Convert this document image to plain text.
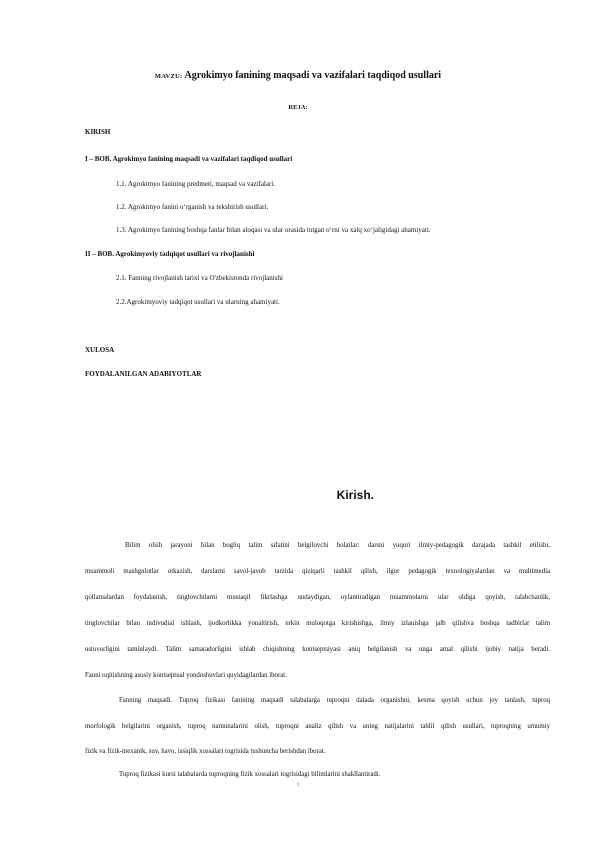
MAVZU: Agrokimyo fanining maqsadi va vazifalari taqdiqod usullari
REJA:
KIRISH
I – BOB. Agrokimyo fanining maqsadi va vazifalari taqdiqod usullari
1.1. Agrokimyo fanining predmeti, maqsad va vazifalari.
1.2. Agrokimyo fanini o‘rganish va tekshirish usullari.
1.3. Agrokimyo fanining boshqa fanlar bilan aloqasi va ular orasida tutgan o‘rni va xalq xo‘jaligidagi ahamiyati.
II – BOB. Agrokimyoviy tadqiqot usullari va rivojlanishi
2.1. Fanning rivojlanish tarixi va O'zbekistonda rivojlanishi
2.2.Agrokimyoviy tadqiqot usullari va ularning ahamiyati.
XULOSA
FOYDALANILGAN ADABIYOTLAR
Kirish.
Bilim olish jarayoni bilan bogliq talim sifatini belgilovchi holatlar: darsni yuqori ilmiy-pedagogik darajada tashkil etilishi,
muammoli mashgulotlar otkazish, darslarni savol-javob tarzida qiziqarli tashkil qilish, ilgor pedagogik texnologiyalardan va multimedia
qollamalardan foydalanish, tinglovchilarni mustaqil fikrlashga undaydigan, oylantiradigan muammolarni ular oldiga qoyish, talabchanlik,
tinglovchilar bilan indivudial ishlash, ijodkorlikka yonaltirish, erkin muloqotga kirishishga, ilmiy izlanishga jalb qilishva boshqa tadbirlar talim
ustuvorligini taminlaydi. Talim samaradorligini ishlab chiqishning kontseptsiyasi aniq belgilanish va unga amal qilishi ijobiy natija beradi.
Fanni oqitishning asosiy kontseptual yondoshuvlari quyidagilardan iborat.
Fanning maqsadi. Tuproq fizikasi fanining maqsadi talabalarga tuproqni dalada organishni, kesma qoyish uchun joy tanlash, tuproq
morfologik belgilarini organish, tuproq namunalarini olish, tuproqni analiz qilish va uning natijalarini tahlil qilish usullari, tuproqning umumiy
fizik va fizik-mexanik, suv, havo, issiqlik xossalari togrisida tushuncha berishdan iborat.
Tuproq fizikasi kursi talabalarda tuproqning fizik xossalari togrisidagi bilimlarini shakllantiradi.
1
